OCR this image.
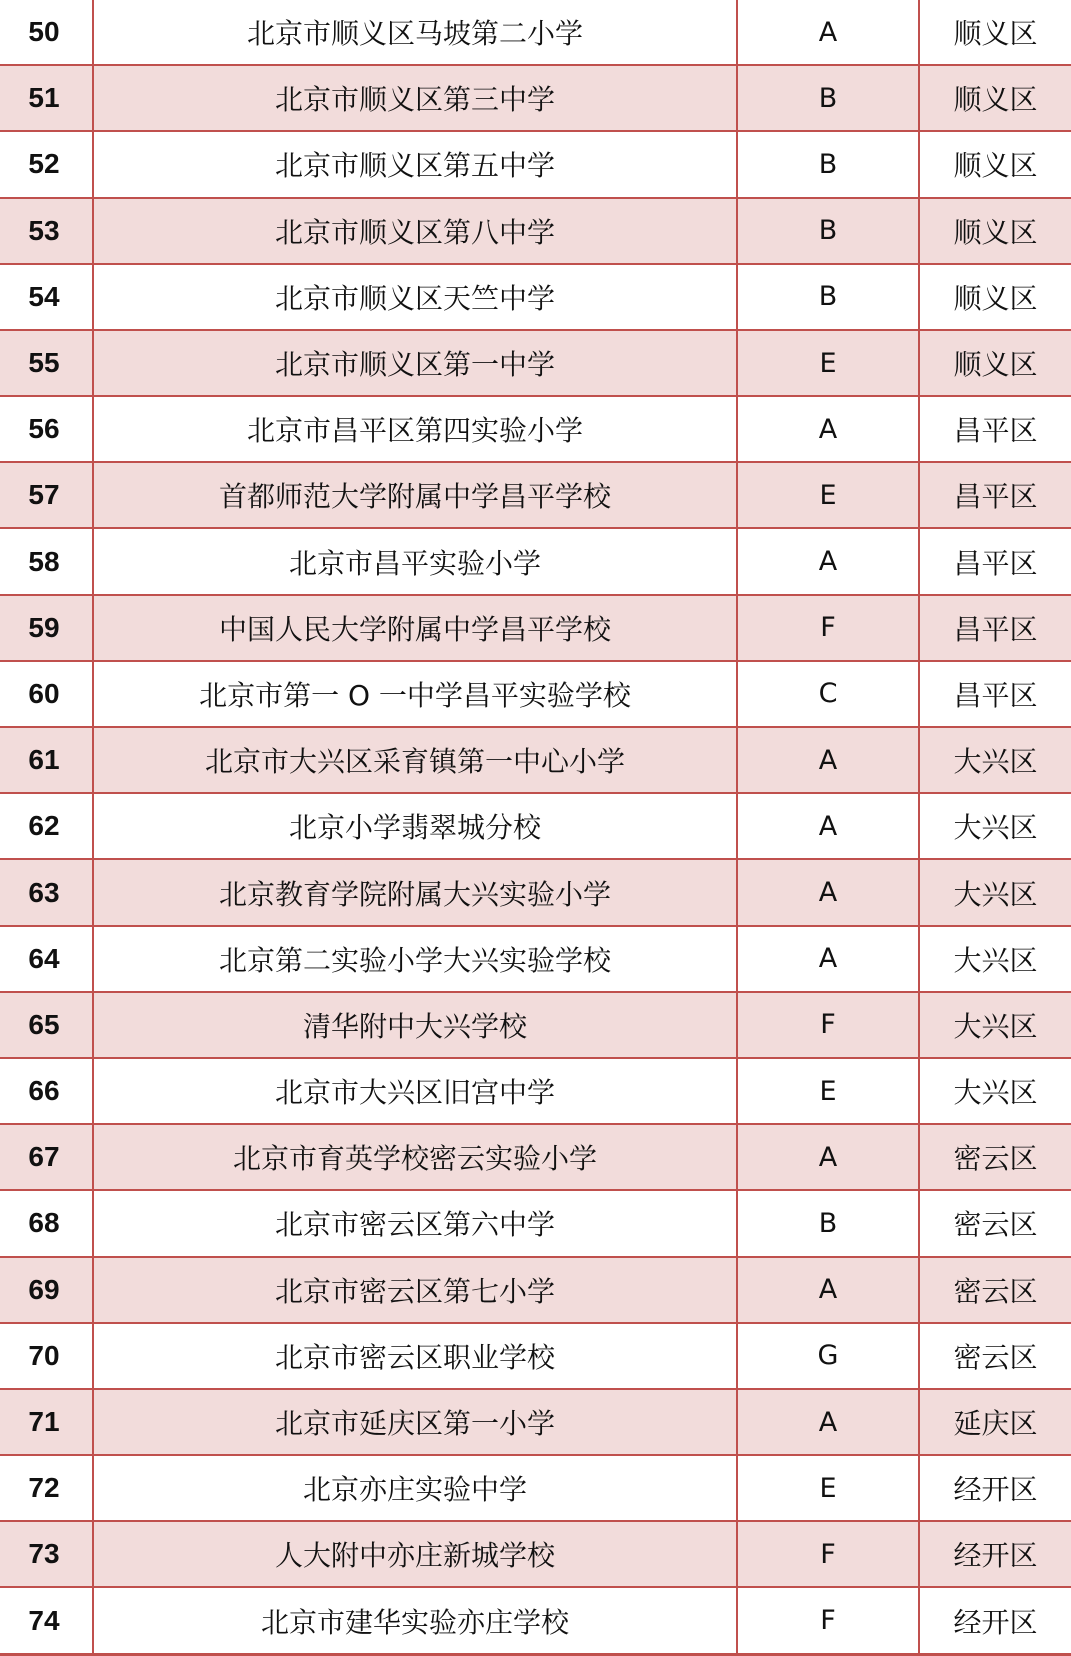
50	北京市顺义区马坡第二小学	A	顺义区
51	北京市顺义区第三中学	B	顺义区
52	北京市顺义区第五中学	B	顺义区
53	北京市顺义区第八中学	B	顺义区
54	北京市顺义区天竺中学	B	顺义区
55	北京市顺义区第一中学	E	顺义区
56	北京市昌平区第四实验小学	A	昌平区
57	首都师范大学附属中学昌平学校	E	昌平区
58	北京市昌平实验小学	A	昌平区
59	中国人民大学附属中学昌平学校	F	昌平区
60	北京市第一 O 一中学昌平实验学校	C	昌平区
61	北京市大兴区采育镇第一中心小学	A	大兴区
62	北京小学翡翠城分校	A	大兴区
63	北京教育学院附属大兴实验小学	A	大兴区
64	北京第二实验小学大兴实验学校	A	大兴区
65	清华附中大兴学校	F	大兴区
66	北京市大兴区旧宫中学	E	大兴区
67	北京市育英学校密云实验小学	A	密云区
68	北京市密云区第六中学	B	密云区
69	北京市密云区第七小学	A	密云区
70	北京市密云区职业学校	G	密云区
71	北京市延庆区第一小学	A	延庆区
72	北京亦庄实验中学	E	经开区
73	人大附中亦庄新城学校	F	经开区
74	北京市建华实验亦庄学校	F	经开区
